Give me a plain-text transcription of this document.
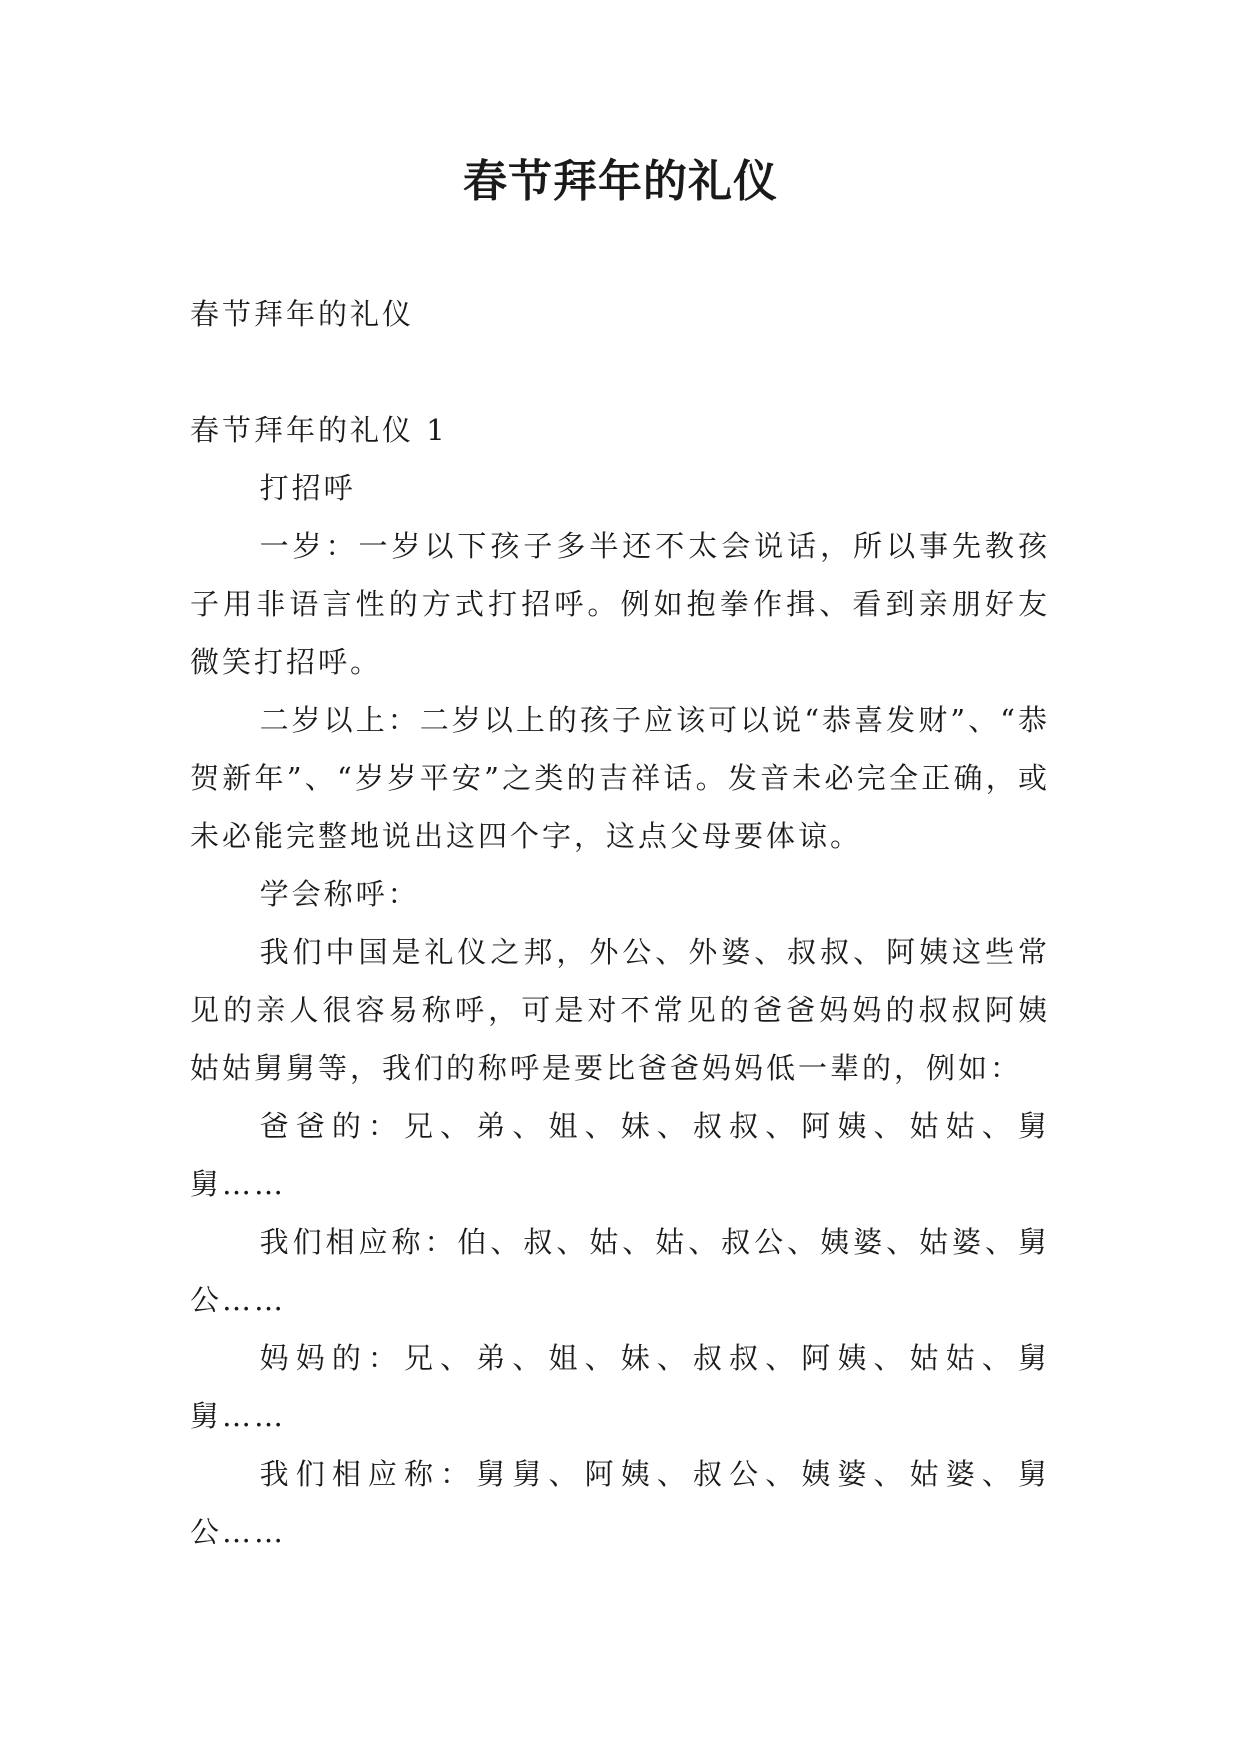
春节拜年的礼仪

春节拜年的礼仪

春节拜年的礼仪 1

打招呼

一岁：一岁以下孩子多半还不太会说话，所以事先教孩子用非语言性的方式打招呼。例如抱拳作揖、看到亲朋好友微笑打招呼。

二岁以上：二岁以上的孩子应该可以说“恭喜发财”、“恭贺新年”、“岁岁平安”之类的吉祥话。发音未必完全正确，或未必能完整地说出这四个字，这点父母要体谅。

学会称呼：

我们中国是礼仪之邦，外公、外婆、叔叔、阿姨这些常见的亲人很容易称呼，可是对不常见的爸爸妈妈的叔叔阿姨姑姑舅舅等，我们的称呼是要比爸爸妈妈低一辈的，例如：

爸爸的：兄、弟、姐、妹、叔叔、阿姨、姑姑、舅舅……

我们相应称：伯、叔、姑、姑、叔公、姨婆、姑婆、舅公……

妈妈的：兄、弟、姐、妹、叔叔、阿姨、姑姑、舅舅……

我们相应称：舅舅、阿姨、叔公、姨婆、姑婆、舅公……
